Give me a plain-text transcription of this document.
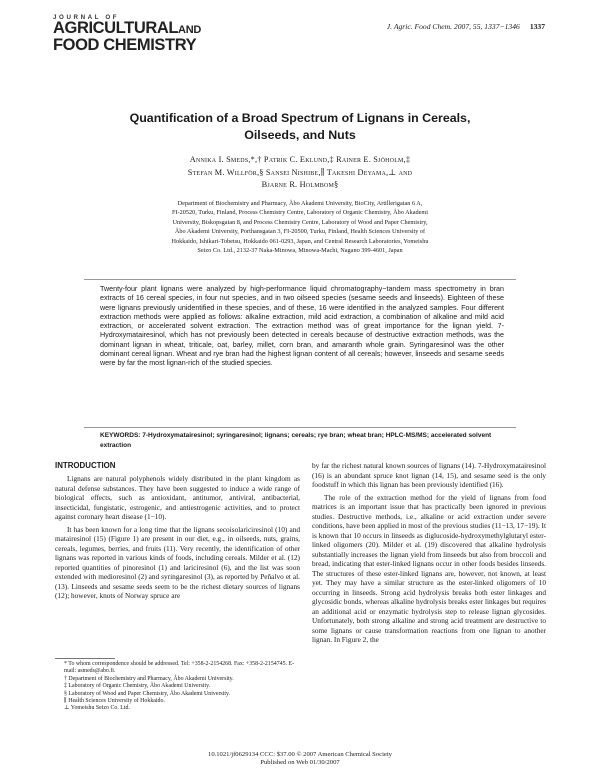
JOURNAL OF
AGRICULTURALAND
FOOD CHEMISTRY
J. Agric. Food Chem. 2007, 55, 1337−1346 1337
Quantification of a Broad Spectrum of Lignans in Cereals,
Oilseeds, and Nuts
Annika I. Smeds,*,† Patrik C. Eklund,‡ Rainer E. Sjöholm,‡
Stefan M. Willför,§ Sansei Nishibe,∥ Takeshi Deyama,⊥ and
Bjarne R. Holmbom§
Department of Biochemistry and Pharmacy, Åbo Akademi University, BioCity, Artillerigatan 6 A,
FI-20520, Turku, Finland, Process Chemistry Centre, Laboratory of Organic Chemistry, Åbo Akademi
University, Biskopsgatan 8, and Process Chemistry Centre, Laboratory of Wood and Paper Chemistry,
Åbo Akademi University, Porthansgatan 3, FI-20500, Turku, Finland, Health Sciences University of
Hokkaido, Ishikari-Tobetsu, Hokkaido 061-0293, Japan, and Central Research Laboratories, Yomeishu
Seizo Co. Ltd., 2132-37 Naka-Minowa, Minowa-Machi, Nagano 399-4601, Japan
Twenty-four plant lignans were analyzed by high-performance liquid chromatography−tandem mass spectrometry in bran extracts of 16 cereal species, in four nut species, and in two oilseed species (sesame seeds and linseeds). Eighteen of these were lignans previously unidentified in these species, and of these, 16 were identified in the analyzed samples. Four different extraction methods were applied as follows: alkaline extraction, mild acid extraction, a combination of alkaline and mild acid extraction, or accelerated solvent extraction. The extraction method was of great importance for the lignan yield. 7-Hydroxymatairesinol, which has not previously been detected in cereals because of destructive extraction methods, was the dominant lignan in wheat, triticale, oat, barley, millet, corn bran, and amaranth whole grain. Syringaresinol was the other dominant cereal lignan. Wheat and rye bran had the highest lignan content of all cereals; however, linseeds and sesame seeds were by far the most lignan-rich of the studied species.
KEYWORDS: 7-Hydroxymatairesinol; syringaresinol; lignans; cereals; rye bran; wheat bran; HPLC-MS/MS; accelerated solvent extraction
INTRODUCTION

Lignans are natural polyphenols widely distributed in the plant kingdom as natural defense substances. They have been suggested to induce a wide range of biological effects, such as antioxidant, antitumor, antiviral, antibacterial, insecticidal, fungistatic, estrogenic, and antiestrogenic activities, and to protect against coronary heart disease (1−10).

It has been known for a long time that the lignans secoisolariciresinol (10) and matairesinol (15) (Figure 1) are present in our diet, e.g., in oilseeds, nuts, grains, cereals, legumes, berries, and fruits (11). Very recently, the identification of other lignans was reported in various kinds of foods, including cereals. Milder et al. (12) reported quantities of pinoresinol (1) and lariciresinol (6), and the list was soon extended with medioresinol (2) and syringaresinol (3), as reported by Peñalvo et al. (13). Linseeds and sesame seeds seem to be the richest dietary sources of lignans (12); however, knots of Norway spruce are

by far the richest natural known sources of lignans (14). 7-Hydroxymatairesinol (16) is an abundant spruce knot lignan (14, 15), and sesame seed is the only foodstuff in which this lignan has been previously identified (16).

The role of the extraction method for the yield of lignans from food matrices is an important issue that has practically been ignored in previous studies. Destructive methods, i.e., alkaline or acid extraction under severe conditions, have been applied in most of the previous studies (11−13, 17−19). It is known that 10 occurs in linseeds as diglucoside-hydroxymethylglutaryl ester-linked oligomers (20). Milder et al. (19) discovered that alkaline hydrolysis substantially increases the lignan yield from linseeds but also from broccoli and bread, indicating that ester-linked lignans occur in other foods besides linseeds. The structures of these ester-linked lignans are, however, not known, at least yet. They may have a similar structure as the ester-linked oligomers of 10 occurring in linseeds. Strong acid hydrolysis breaks both ester linkages and glycosidic bonds, whereas alkaline hydrolysis breaks ester linkages but requires an additional acid or enzymatic hydrolysis step to release lignan glycosides. Unfortunately, both strong alkaline and strong acid treatment are destructive to some lignans or cause transformation reactions from one lignan to another lignan. In Figure 2, the

* To whom correspondence should be addressed. Tel: +358-2-2154268. Fax: +358-2-2154745. E-mail: asmeds@abo.fi.
† Department of Biochemistry and Pharmacy, Åbo Akademi University.
‡ Laboratory of Organic Chemistry, Åbo Akademi University.
§ Laboratory of Wood and Paper Chemistry, Åbo Akademi University.
∥ Health Sciences University of Hokkaido.
⊥ Yomeishu Seizo Co. Ltd.
10.1021/jf0629134 CCC: $37.00 © 2007 American Chemical Society
Published on Web 01/30/2007
